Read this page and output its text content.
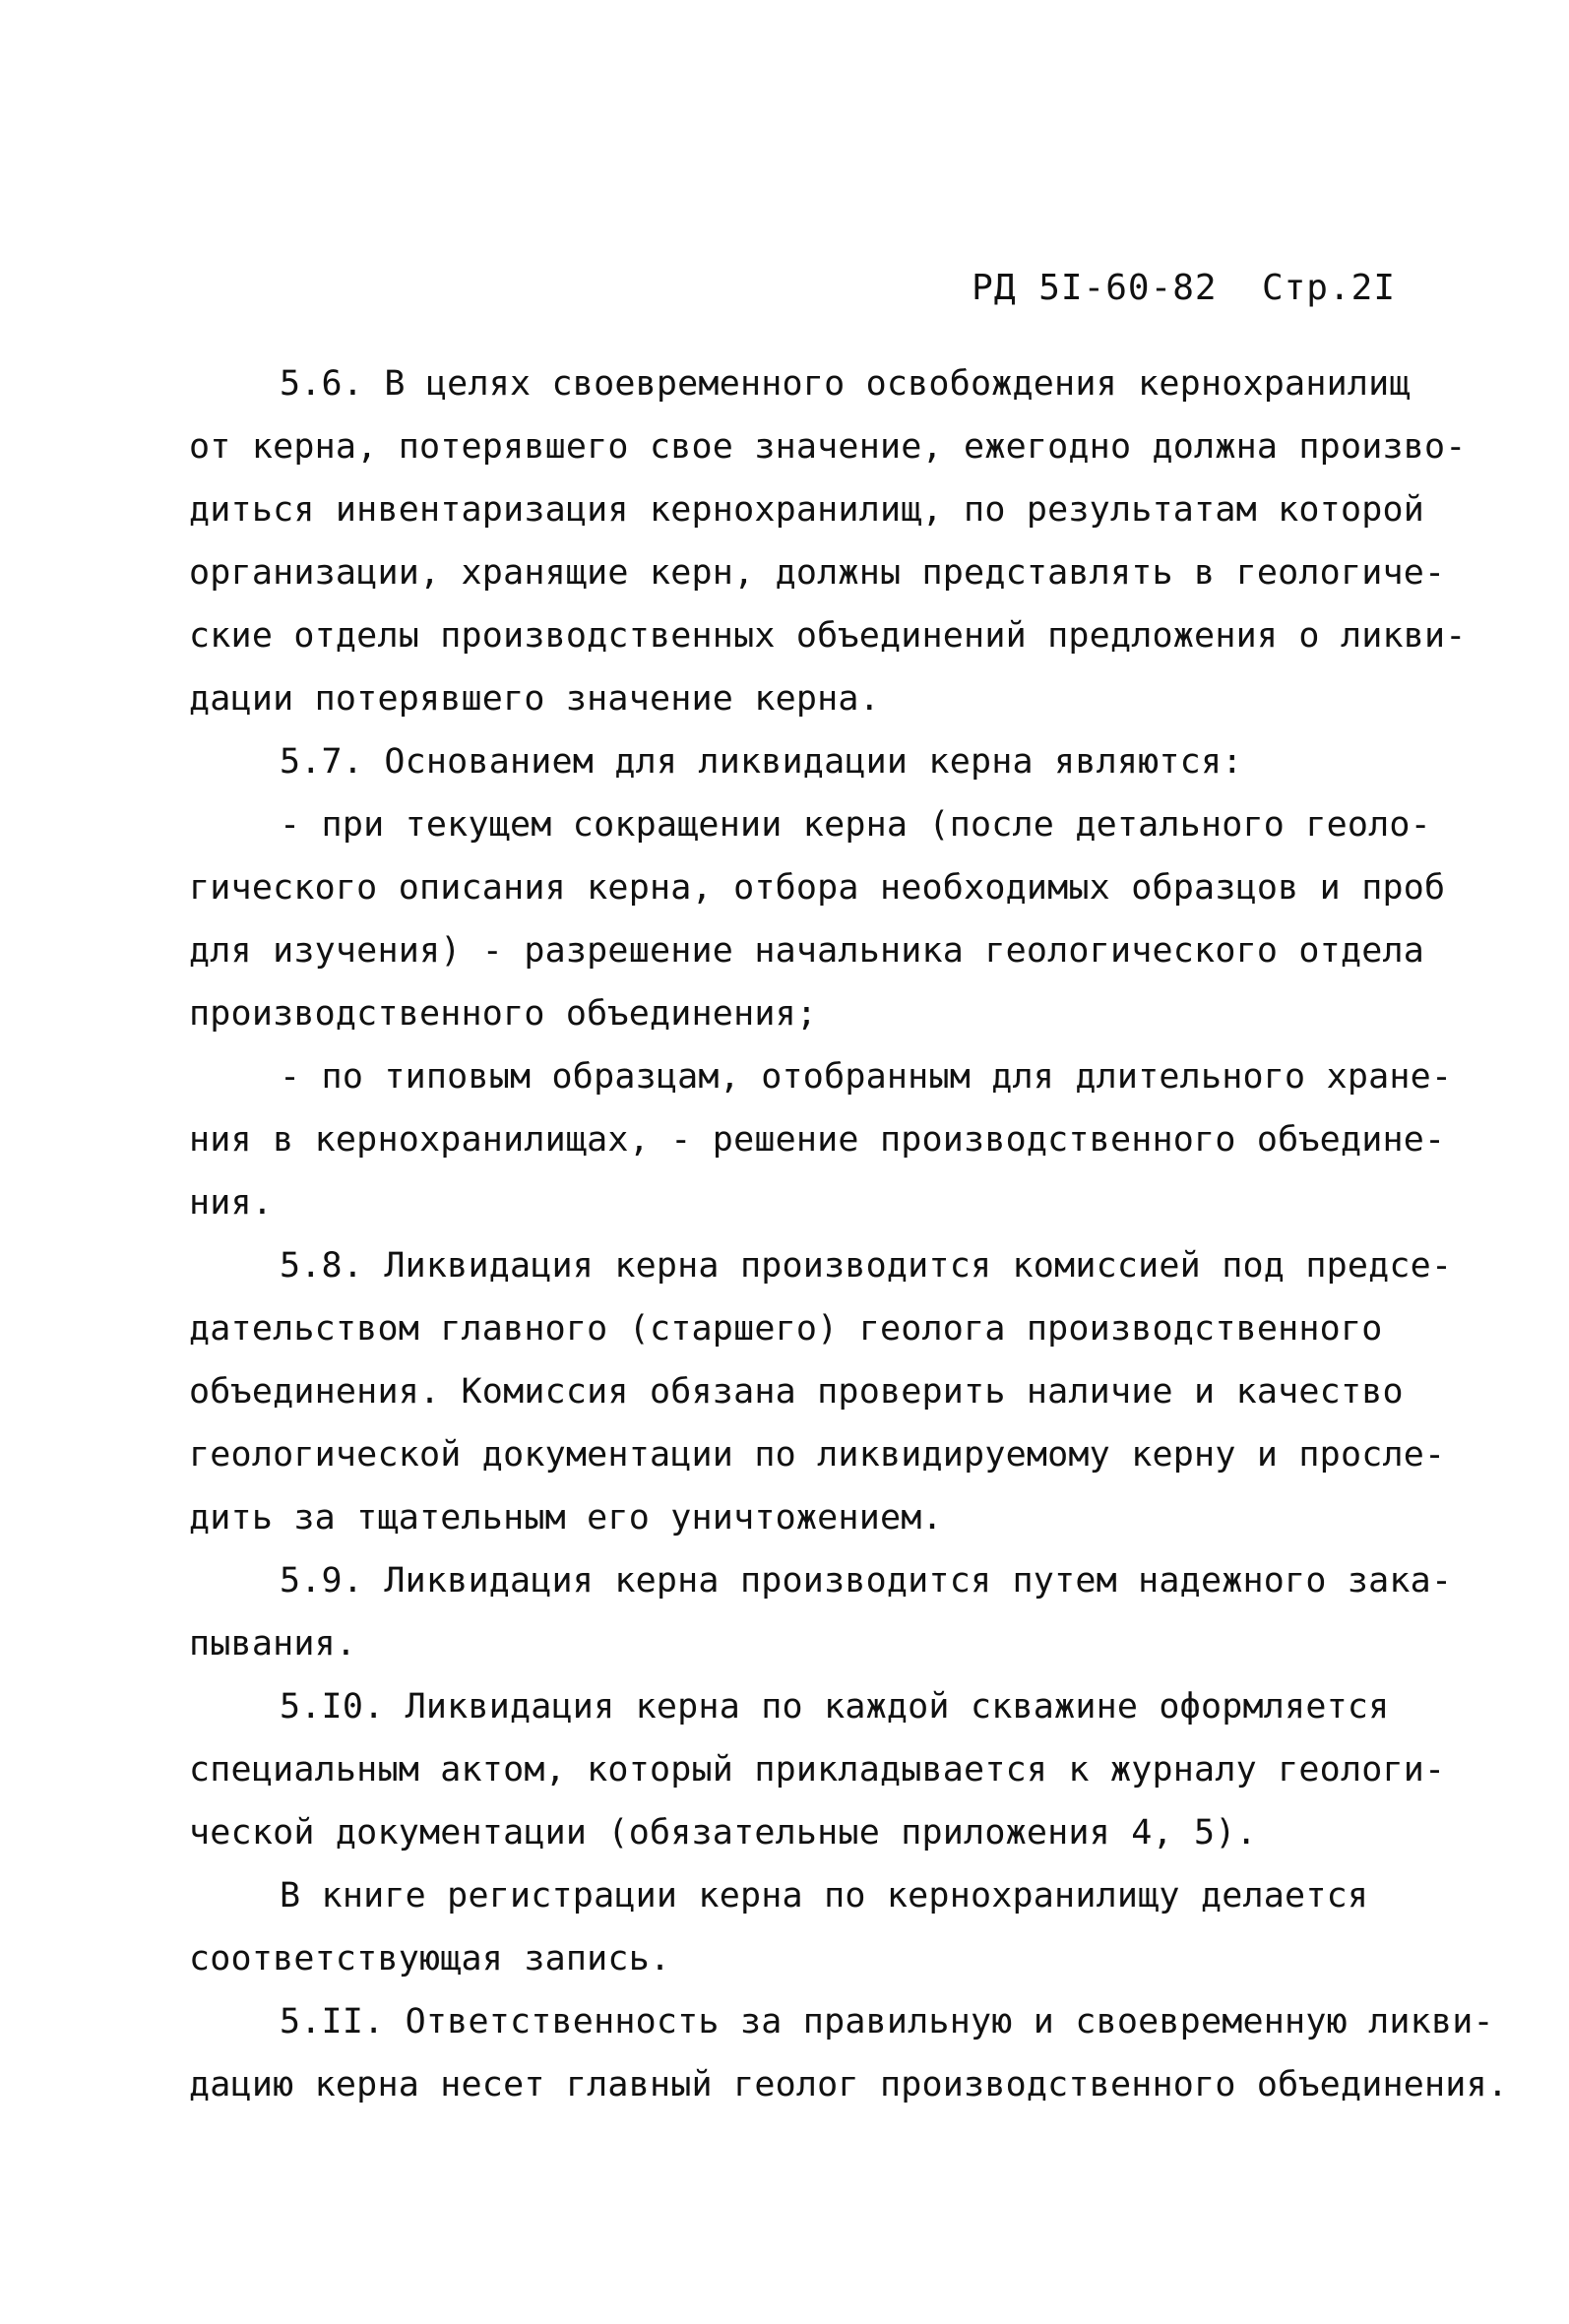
РД 5I-60-82 Стр.2I
5.6. В целях своевременного освобождения кернохранилищ
от керна, потерявшего свое значение, ежегодно должна произво-
диться инвентаризация кернохранилищ, по результатам которой
организации, хранящие керн, должны представлять в геологиче-
ские отделы производственных объединений предложения о ликви-
дации потерявшего значение керна.
5.7. Основанием для ликвидации керна являются:
- при текущем сокращении керна (после детального геоло-
гического описания керна, отбора необходимых образцов и проб
для изучения) - разрешение начальника геологического отдела
производственного объединения;
- по типовым образцам, отобранным для длительного хране-
ния в кернохранилищах, - решение производственного объедине-
ния.
5.8. Ликвидация керна производится комиссией под предсе-
дательством главного (старшего) геолога производственного
объединения. Комиссия обязана проверить наличие и качество
геологической документации по ликвидируемому керну и просле-
дить за тщательным его уничтожением.
5.9. Ликвидация керна производится путем надежного зака-
пывания.
5.I0. Ликвидация керна по каждой скважине оформляется
специальным актом, который прикладывается к журналу геологи-
ческой документации (обязательные приложения 4, 5).
В книге регистрации керна по кернохранилищу делается
соответствующая запись.
5.II. Ответственность за правильную и своевременную ликви-
дацию керна несет главный геолог производственного объединения.
